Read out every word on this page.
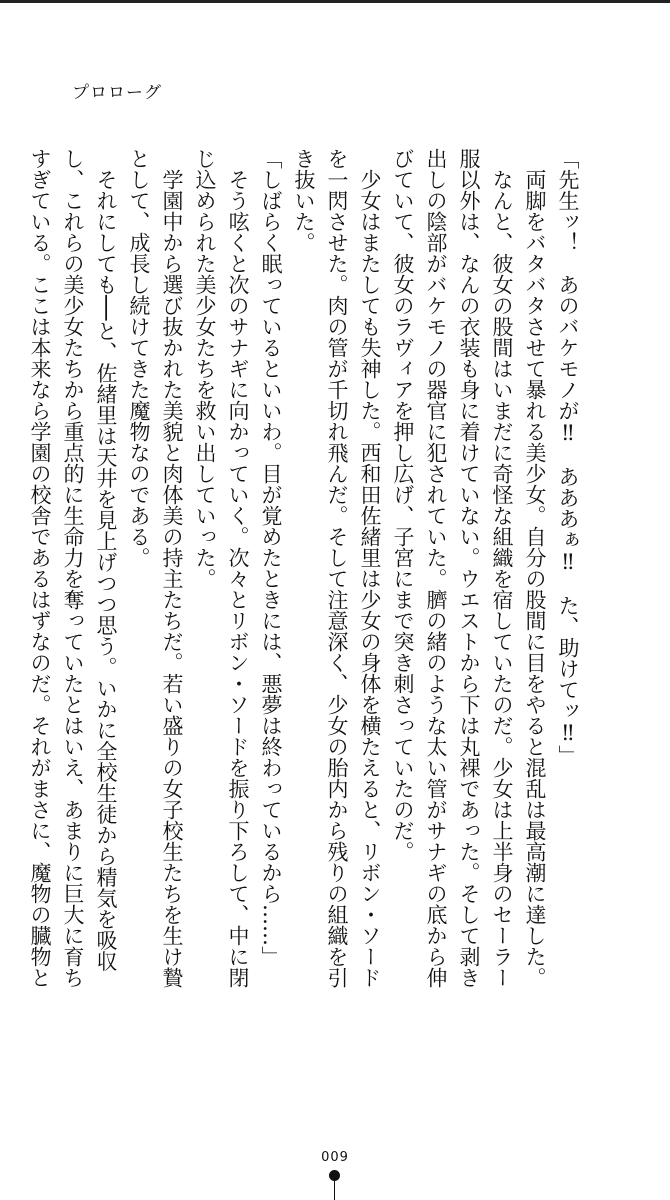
プロローグ
「先生ッ！　あのバケモノが‼　あああぁ‼　た、助けてッ‼」
　両脚をバタバタさせて暴れる美少女。自分の股間に目をやると混乱は最高潮に達した。
　なんと、彼女の股間はいまだに奇怪な組織を宿していたのだ。少女は上半身のセーラー
服以外は、なんの衣装も身に着けていない。ウエストから下は丸裸であった。そして剥き
出しの陰部がバケモノの器官に犯されていた。臍の緒のような太い管がサナギの底から伸
びていて、彼女のラヴィアを押し広げ、子宮にまで突き刺さっていたのだ。
　少女はまたしても失神した。西和田佐緒里は少女の身体を横たえると、リボン・ソード
を一閃させた。肉の管が千切れ飛んだ。そして注意深く、少女の胎内から残りの組織を引
き抜いた。
「しばらく眠っているといいわ。目が覚めたときには、悪夢は終わっているから……」
　そう呟くと次のサナギに向かっていく。次々とリボン・ソードを振り下ろして、中に閉
じ込められた美少女たちを救い出していった。
　学園中から選び抜かれた美貌と肉体美の持主たちだ。若い盛りの女子校生たちを生け贄
として、成長し続けてきた魔物なのである。
　それにしても──と、佐緒里は天井を見上げつつ思う。いかに全校生徒から精気を吸収
し、これらの美少女たちから重点的に生命力を奪っていたとはいえ、あまりに巨大に育ち
すぎている。ここは本来なら学園の校舎であるはずなのだ。それがまさに、魔物の臓物と
009
